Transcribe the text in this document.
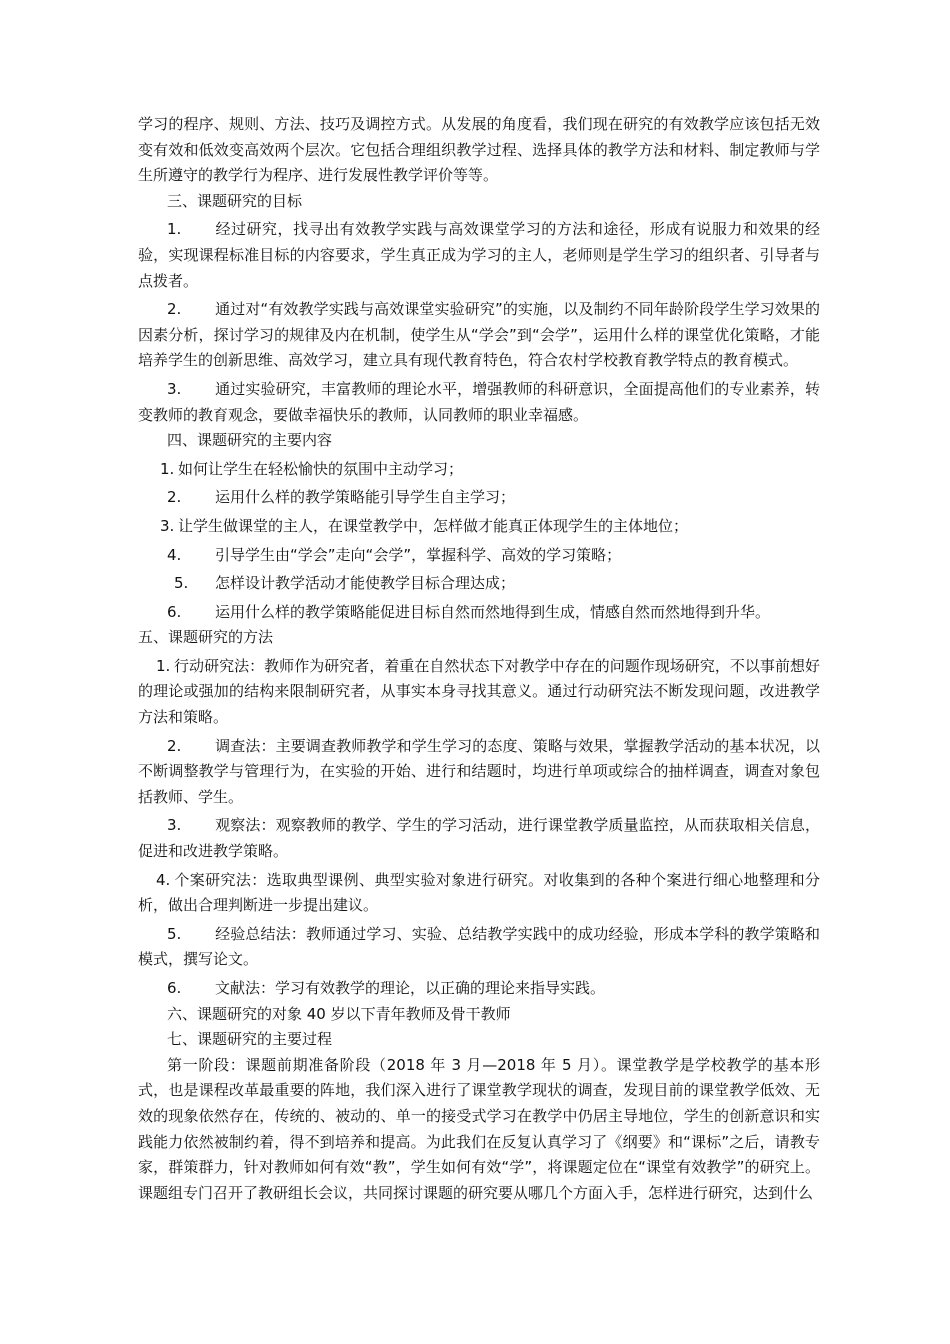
学习的程序、规则、方法、技巧及调控方式。从发展的角度看，我们现在研究的有效教学应该包括无效变有效和低效变高效两个层次。它包括合理组织教学过程、选择具体的教学方法和材料、制定教师与学生所遵守的教学行为程序、进行发展性教学评价等等。

三、课题研究的目标

1. 经过研究，找寻出有效教学实践与高效课堂学习的方法和途径，形成有说服力和效果的经验，实现课程标准目标的内容要求，学生真正成为学习的主人，老师则是学生学习的组织者、引导者与点拨者。

2. 通过对“有效教学实践与高效课堂实验研究”的实施，以及制约不同年龄阶段学生学习效果的因素分析，探讨学习的规律及内在机制，使学生从“学会”到“会学”，运用什么样的课堂优化策略，才能培养学生的创新思维、高效学习，建立具有现代教育特色，符合农村学校教育教学特点的教育模式。

3. 通过实验研究，丰富教师的理论水平，增强教师的科研意识，全面提高他们的专业素养，转变教师的教育观念，要做幸福快乐的教师，认同教师的职业幸福感。

四、课题研究的主要内容

1. 如何让学生在轻松愉快的氛围中主动学习；

2. 运用什么样的教学策略能引导学生自主学习；

3. 让学生做课堂的主人，在课堂教学中，怎样做才能真正体现学生的主体地位；

4. 引导学生由“学会”走向“会学”，掌握科学、高效的学习策略；

5. 怎样设计教学活动才能使教学目标合理达成；

6. 运用什么样的教学策略能促进目标自然而然地得到生成，情感自然而然地得到升华。

五、课题研究的方法

1. 行动研究法：教师作为研究者，着重在自然状态下对教学中存在的问题作现场研究，不以事前想好的理论或强加的结构来限制研究者，从事实本身寻找其意义。通过行动研究法不断发现问题，改进教学方法和策略。

2. 调查法：主要调查教师教学和学生学习的态度、策略与效果，掌握教学活动的基本状况，以不断调整教学与管理行为，在实验的开始、进行和结题时，均进行单项或综合的抽样调查，调查对象包括教师、学生。

3. 观察法：观察教师的教学、学生的学习活动，进行课堂教学质量监控，从而获取相关信息，促进和改进教学策略。

4. 个案研究法：选取典型课例、典型实验对象进行研究。对收集到的各种个案进行细心地整理和分析，做出合理判断进一步提出建议。

5. 经验总结法：教师通过学习、实验、总结教学实践中的成功经验，形成本学科的教学策略和模式，撰写论文。

6. 文献法：学习有效教学的理论，以正确的理论来指导实践。

六、课题研究的对象 40 岁以下青年教师及骨干教师

七、课题研究的主要过程

第一阶段：课题前期准备阶段（2018 年 3 月—2018 年 5 月）。课堂教学是学校教学的基本形式，也是课程改革最重要的阵地，我们深入进行了课堂教学现状的调查，发现目前的课堂教学低效、无效的现象依然存在，传统的、被动的、单一的接受式学习在教学中仍居主导地位，学生的创新意识和实践能力依然被制约着，得不到培养和提高。为此我们在反复认真学习了《纲要》和“课标”之后，请教专家，群策群力，针对教师如何有效“教”，学生如何有效“学”，将课题定位在“课堂有效教学”的研究上。课题组专门召开了教研组长会议，共同探讨课题的研究要从哪几个方面入手，怎样进行研究，达到什么
